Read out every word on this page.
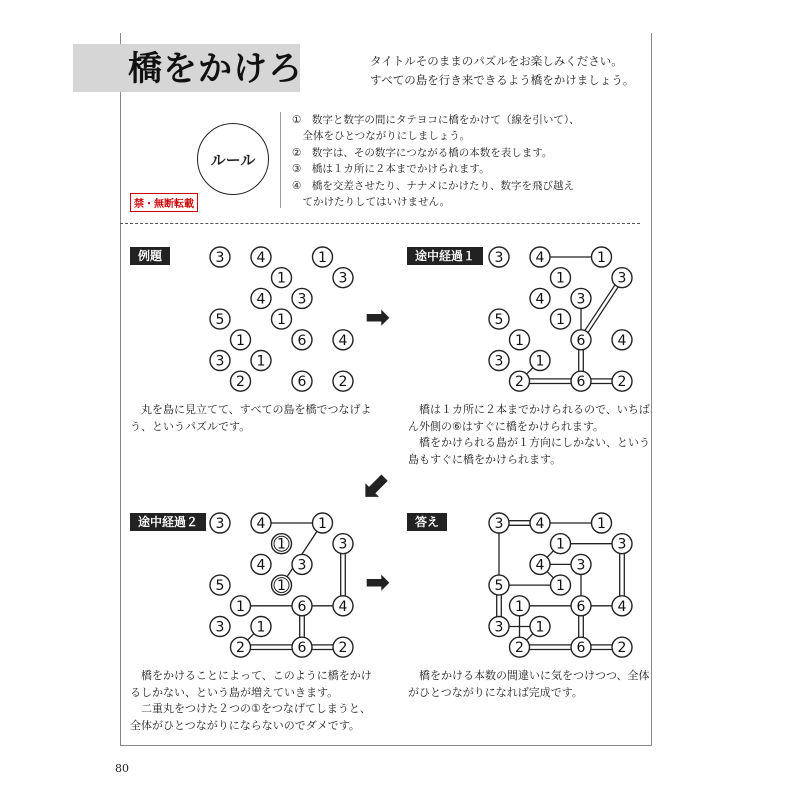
橋をかけろ	タイトルそのままのパズルをお楽しみください。
すべての島を行き来できるよう橋をかけましょう。
ルール
①　数字と数字の間にタテヨコに橋をかけて（線を引いて）、
　全体をひとつながりにしましょう。
②　数字は、その数字につながる橋の本数を表します。
③　橋は１カ所に２本までかけられます。
④　橋を交差させたり、ナナメにかけたり、数字を飛び越え
　てかけたりしてはいけません。
禁・無断転載
例題	途中経過１
途中経過２	答え
3 4	1
1	3
4 3
5	1
1	6 4
3 1
2	6 2
3 4	1
1	3
4 3
5	1
1	6 4
3 1
2	6 2
3 4	1
1	3
4 3
5	1
1	6 4
3 1
2	6 2
3 4	1
1	3
4 3
5	1
1	6 4
3 1
2	6 2
➡
⬋
➡
　丸を島に見立てて、すべての島を橋でつなげよ
う、というパズルです。
　橋は１カ所に２本までかけられるので、いちば
ん外側の⑥はすぐに橋をかけられます。
　橋をかけられる島が１方向にしかない、という
島もすぐに橋をかけられます。
　橋をかけることによって、このように橋をかけ
るしかない、という島が増えていきます。
　二重丸をつけた２つの①をつなげてしまうと、
全体がひとつながりにならないのでダメです。
　橋をかける本数の間違いに気をつけつつ、全体
がひとつながりになれば完成です。
80
